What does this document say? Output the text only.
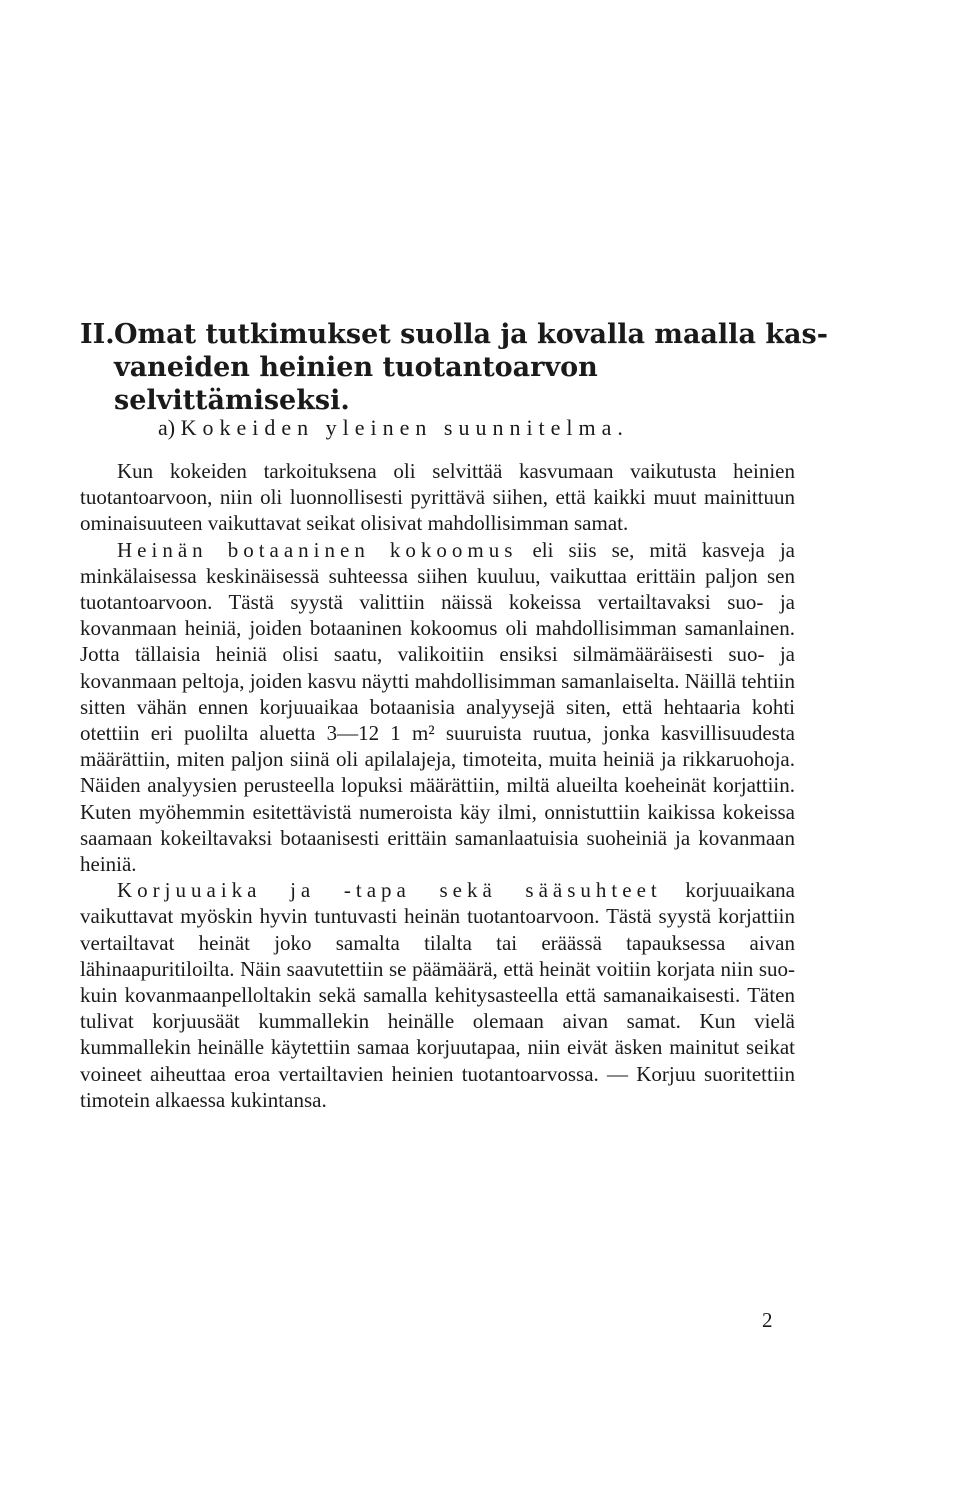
II.Omat tutkimukset suolla ja kovalla maalla kas-
vaneiden heinien tuotantoarvon selvittämiseksi.
a) Kokeiden yleinen suunnitelma.

Kun kokeiden tarkoituksena oli selvittää kasvumaan vaikutusta heinien tuotantoarvoon, niin oli luonnollisesti pyrittävä siihen, että kaikki muut mainittuun ominaisuuteen vaikuttavat seikat olisivat mahdollisimman samat.

Heinän botaaninen kokoomus eli siis se, mitä kasveja ja minkälaisessa keskinäisessä suhteessa siihen kuuluu, vaikuttaa erittäin paljon sen tuotantoarvoon. Tästä syystä valittiin näissä kokeissa vertailtavaksi suo- ja kovanmaan heiniä, joiden botaaninen kokoomus oli mahdollisimman samanlainen. Jotta tällaisia heiniä olisi saatu, valikoitiin ensiksi silmämääräisesti suo- ja kovanmaan peltoja, joiden kasvu näytti mahdollisimman samanlaiselta. Näillä tehtiin sitten vähän ennen korjuuaikaa botaanisia analyysejä siten, että hehtaaria kohti otettiin eri puolilta aluetta 3—12 1 m² suuruista ruutua, jonka kasvillisuudesta määrättiin, miten paljon siinä oli apilalajeja, timoteita, muita heiniä ja rikkaruohoja. Näiden analyysien perusteella lopuksi määrättiin, miltä alueilta koeheinät korjattiin. Kuten myöhemmin esitettävistä numeroista käy ilmi, onnistuttiin kaikissa kokeissa saamaan kokeiltavaksi botaanisesti erittäin samanlaatuisia suoheiniä ja kovanmaan heiniä.

Korjuuaika ja -tapa sekä sääsuhteet korjuuaikana vaikuttavat myöskin hyvin tuntuvasti heinän tuotantoarvoon. Tästä syystä korjattiin vertailtavat heinät joko samalta tilalta tai eräässä tapauksessa aivan lähinaapuritiloilta. Näin saavutettiin se päämäärä, että heinät voitiin korjata niin suo- kuin kovanmaanpelloltakin sekä samalla kehitysasteella että samanaikaisesti. Täten tulivat korjuusäät kummallekin heinälle olemaan aivan samat. Kun vielä kummallekin heinälle käytettiin samaa korjuutapaa, niin eivät äsken mainitut seikat voineet aiheuttaa eroa vertailtavien heinien tuotantoarvossa. — Korjuu suoritettiin timotein alkaessa kukintansa.

2
